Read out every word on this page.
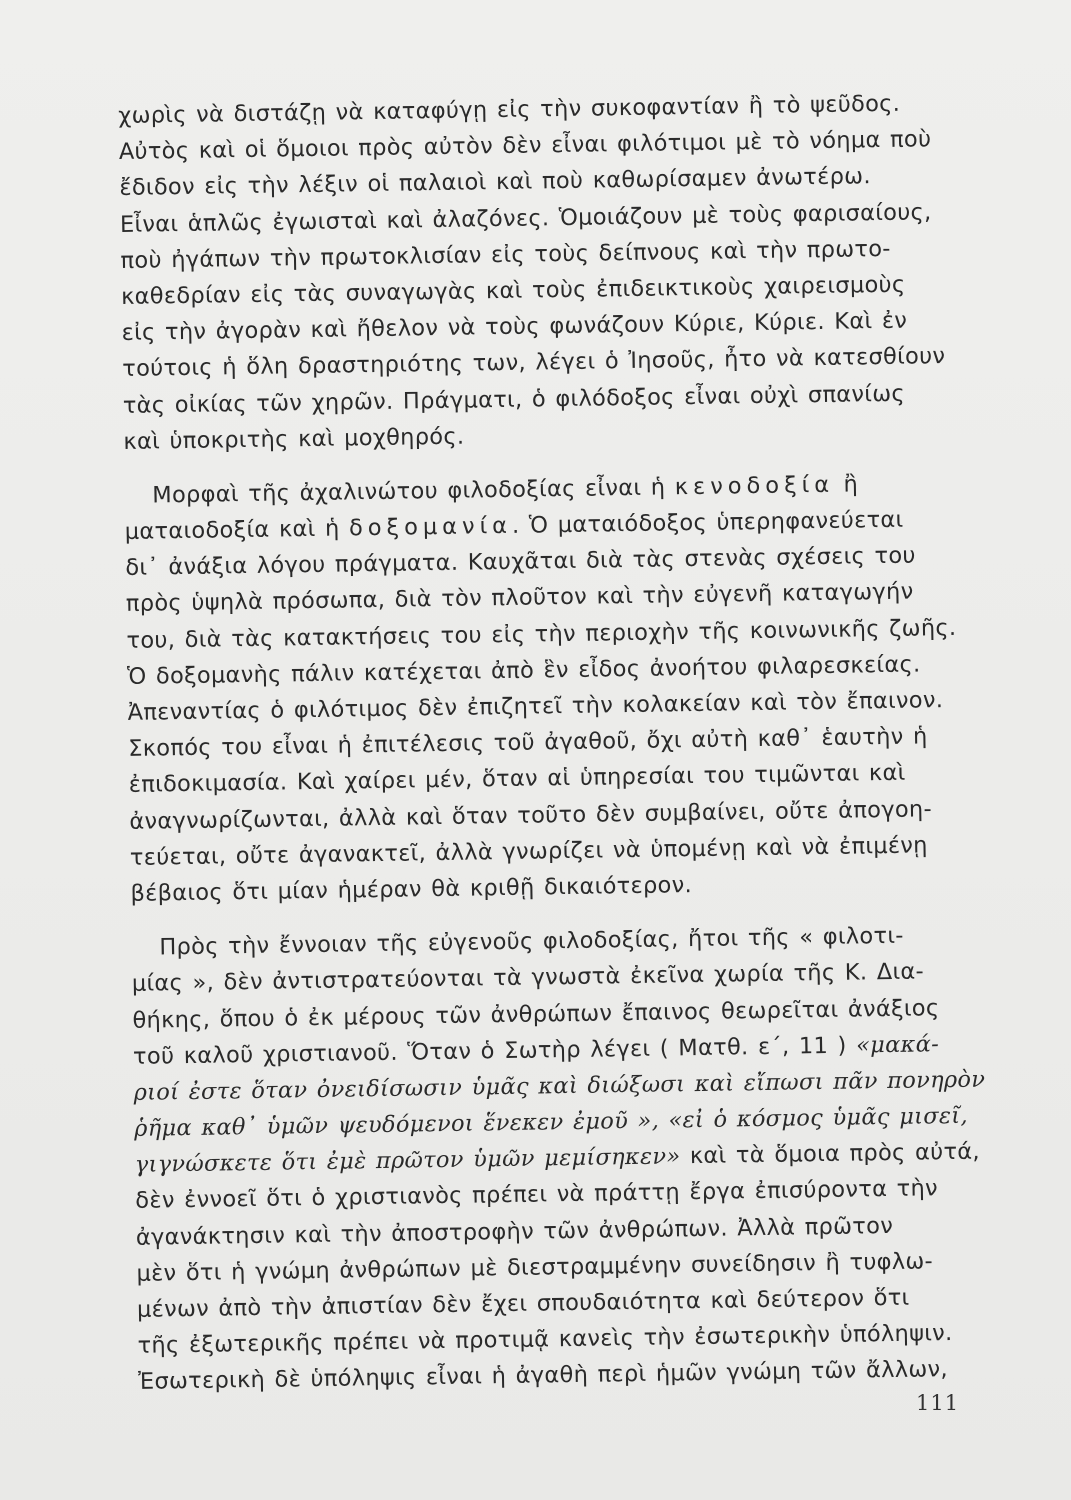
χωρὶς νὰ διστάζῃ νὰ καταφύγῃ εἰς τὴν συκοφαντίαν ἢ τὸ ψεῦδος.
Αὐτὸς καὶ οἱ ὅμοιοι πρὸς αὐτὸν δὲν εἶναι φιλότιμοι μὲ τὸ νόημα ποὺ
ἔδιδον εἰς τὴν λέξιν οἱ παλαιοὶ καὶ ποὺ καθωρίσαμεν ἀνωτέρω.
Εἶναι ἁπλῶς ἐγωισταὶ καὶ ἀλαζόνες. Ὁμοιάζουν μὲ τοὺς φαρισαίους,
ποὺ ἠγάπων τὴν πρωτοκλισίαν εἰς τοὺς δείπνους καὶ τὴν πρωτο-
καθεδρίαν εἰς τὰς συναγωγὰς καὶ τοὺς ἐπιδεικτικοὺς χαιρεισμοὺς
εἰς τὴν ἀγορὰν καὶ ἤθελον νὰ τοὺς φωνάζουν Κύριε, Κύριε. Καὶ ἐν
τούτοις ἡ ὅλη δραστηριότης των, λέγει ὁ Ἰησοῦς, ἦτο νὰ κατεσθίουν
τὰς οἰκίας τῶν χηρῶν. Πράγματι, ὁ φιλόδοξος εἶναι οὐχὶ σπανίως
καὶ ὑποκριτὴς καὶ μοχθηρός.
Μορφαὶ τῆς ἀχαλινώτου φιλοδοξίας εἶναι ἡ κενοδοξία ἢ
ματαιοδοξία καὶ ἡ δοξομανία. Ὁ ματαιόδοξος ὑπερηφανεύεται
δι᾽ ἀνάξια λόγου πράγματα. Καυχᾶται διὰ τὰς στενὰς σχέσεις του
πρὸς ὑψηλὰ πρόσωπα, διὰ τὸν πλοῦτον καὶ τὴν εὐγενῆ καταγωγήν
του, διὰ τὰς κατακτήσεις του εἰς τὴν περιοχὴν τῆς κοινωνικῆς ζωῆς.
Ὁ δοξομανὴς πάλιν κατέχεται ἀπὸ ἓν εἶδος ἀνοήτου φιλαρεσκείας.
Ἀπεναντίας ὁ φιλότιμος δὲν ἐπιζητεῖ τὴν κολακείαν καὶ τὸν ἔπαινον.
Σκοπός του εἶναι ἡ ἐπιτέλεσις τοῦ ἀγαθοῦ, ὄχι αὐτὴ καθ᾽ ἑαυτὴν ἡ
ἐπιδοκιμασία. Καὶ χαίρει μέν, ὅταν αἱ ὑπηρεσίαι του τιμῶνται καὶ
ἀναγνωρίζωνται, ἀλλὰ καὶ ὅταν τοῦτο δὲν συμβαίνει, οὔτε ἀπογοη-
τεύεται, οὔτε ἀγανακτεῖ, ἀλλὰ γνωρίζει νὰ ὑπομένῃ καὶ νὰ ἐπιμένῃ
βέβαιος ὅτι μίαν ἡμέραν θὰ κριθῇ δικαιότερον.
Πρὸς τὴν ἔννοιαν τῆς εὐγενοῦς φιλοδοξίας, ἤτοι τῆς « φιλοτι-
μίας », δὲν ἀντιστρατεύονται τὰ γνωστὰ ἐκεῖνα χωρία τῆς Κ. Δια-
θήκης, ὅπου ὁ ἐκ μέρους τῶν ἀνθρώπων ἔπαινος θεωρεῖται ἀνάξιος
τοῦ καλοῦ χριστιανοῦ. Ὅταν ὁ Σωτὴρ λέγει ( Ματθ. ε΄, 11 ) «μακά-
ριοί ἐστε ὅταν ὀνειδίσωσιν ὑμᾶς καὶ διώξωσι καὶ εἴπωσι πᾶν πονηρὸν
ῥῆμα καθ᾽ ὑμῶν ψευδόμενοι ἕνεκεν ἐμοῦ », «εἰ ὁ κόσμος ὑμᾶς μισεῖ,
γιγνώσκετε ὅτι ἐμὲ πρῶτον ὑμῶν μεμίσηκεν» καὶ τὰ ὅμοια πρὸς αὐτά,
δὲν ἐννοεῖ ὅτι ὁ χριστιανὸς πρέπει νὰ πράττῃ ἔργα ἐπισύροντα τὴν
ἀγανάκτησιν καὶ τὴν ἀποστροφὴν τῶν ἀνθρώπων. Ἀλλὰ πρῶτον
μὲν ὅτι ἡ γνώμη ἀνθρώπων μὲ διεστραμμένην συνείδησιν ἢ τυφλω-
μένων ἀπὸ τὴν ἀπιστίαν δὲν ἔχει σπουδαιότητα καὶ δεύτερον ὅτι
τῆς ἐξωτερικῆς πρέπει νὰ προτιμᾷ κανεὶς τὴν ἐσωτερικὴν ὑπόληψιν.
Ἐσωτερικὴ δὲ ὑπόληψις εἶναι ἡ ἀγαθὴ περὶ ἡμῶν γνώμη τῶν ἄλλων,
111
